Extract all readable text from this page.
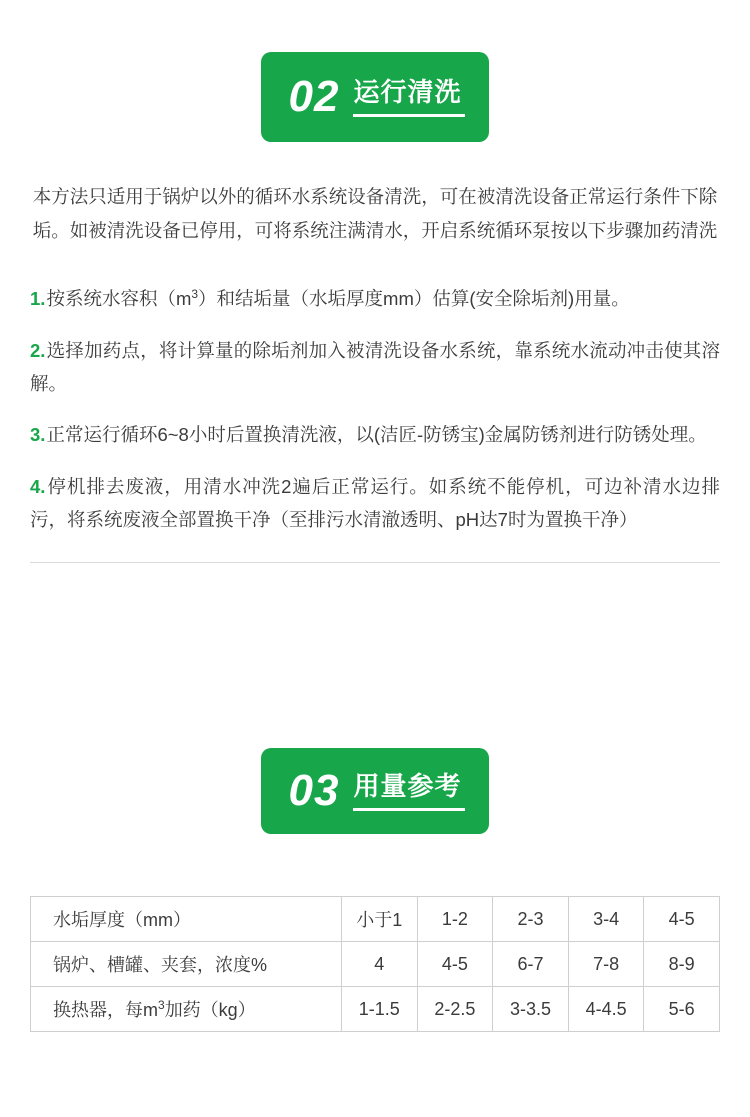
02 运行清洗

本方法只适用于锅炉以外的循环水系统设备清洗，可在被清洗设备正常运行条件下除垢。如被清洗设备已停用，可将系统注满清水，开启系统循环泵按以下步骤加药清洗

1.按系统水容积$(m^3)$和结垢量（水垢厚度mm）估算(安全除垢剂)用量。

2.选择加药点，将计算量的除垢剂加入被清洗设备水系统，靠系统水流动冲击使其溶解。

3.正常运行循环6~8小时后置换清洗液，以(洁匠-防锈宝)金属防锈剂进行防锈处理。

4.停机排去废液，用清水冲洗2遍后正常运行。如系统不能停机，可边补清水边排污，将系统废液全部置换干净（至排污水清澈透明、pH达7时为置换干净）

03 用量参考
水垢厚度（mm）	小于1	1-2	2-3	3-4	4-5
锅炉、槽罐、夹套，浓度%	4	4-5	6-7	7-8	8-9
换热器，每$m^3$加药（kg）	1-1.5	2-2.5	3-3.5	4-4.5	5-6
